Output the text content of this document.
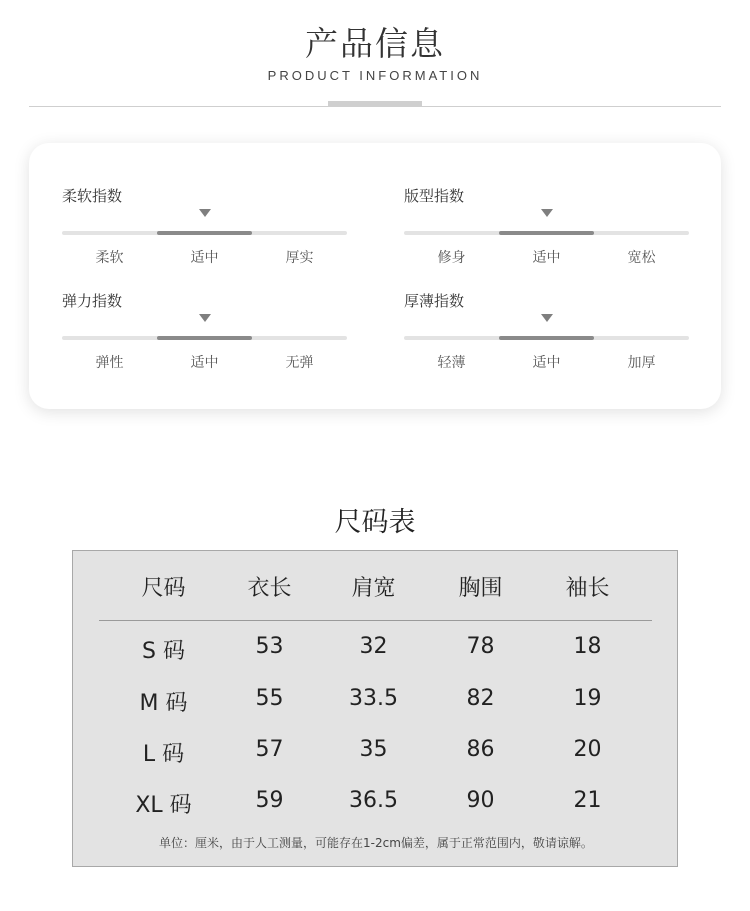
产品信息
PRODUCT INFORMATION
柔软指数
柔软	适中	厚实
版型指数
修身	适中	宽松
弹力指数
弹性	适中	无弹
厚薄指数
轻薄	适中	加厚
尺码表
尺码	衣长	肩宽	胸围	袖长
S 码	53	32	78	18
M 码	55	33.5	82	19
L 码	57	35	86	20
XL 码	59	36.5	90	21
单位：厘米，由于人工测量，可能存在1-2cm偏差，属于正常范围内，敬请谅解。
